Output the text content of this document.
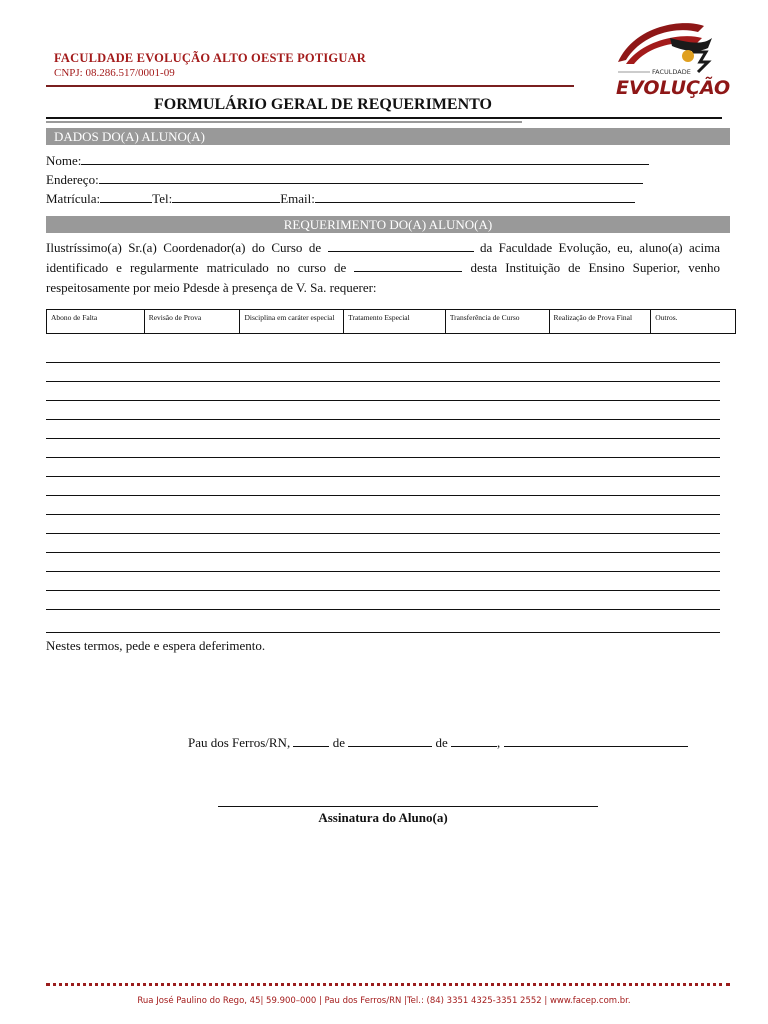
FACULDADE EVOLUÇÃO ALTO OESTE POTIGUAR
CNPJ: 08.286.517/0001-09	FACULDADE
EVOLUÇÃO
FORMULÁRIO GERAL DE REQUERIMENTO
DADOS DO(A) ALUNO(A)
Nome:
Endereço:
Matrícula:	Tel:	Email:
REQUERIMENTO DO(A) ALUNO(A)
Ilustríssimo(a) Sr.(a) Coordenador(a) do Curso de	da Faculdade Evolução, eu, aluno(a) acima identificado e regularmente matriculado no curso de	desta Instituição de Ensino Superior, venho respeitosamente por meio Pdesde à presença de V. Sa. requerer:
Abono de Falta	Revisão de Prova	Disciplina em caráter especial	Tratamento Especial	Transferência de Curso	Realização de Prova Final	Outros.
Nestes termos, pede e espera deferimento.
Pau dos Ferros/RN,	de	de	,
Assinatura do Aluno(a)
Rua José Paulino do Rego, 45| 59.900–000 | Pau dos Ferros/RN |Tel.: (84) 3351 4325-3351 2552 | www.facep.com.br.
